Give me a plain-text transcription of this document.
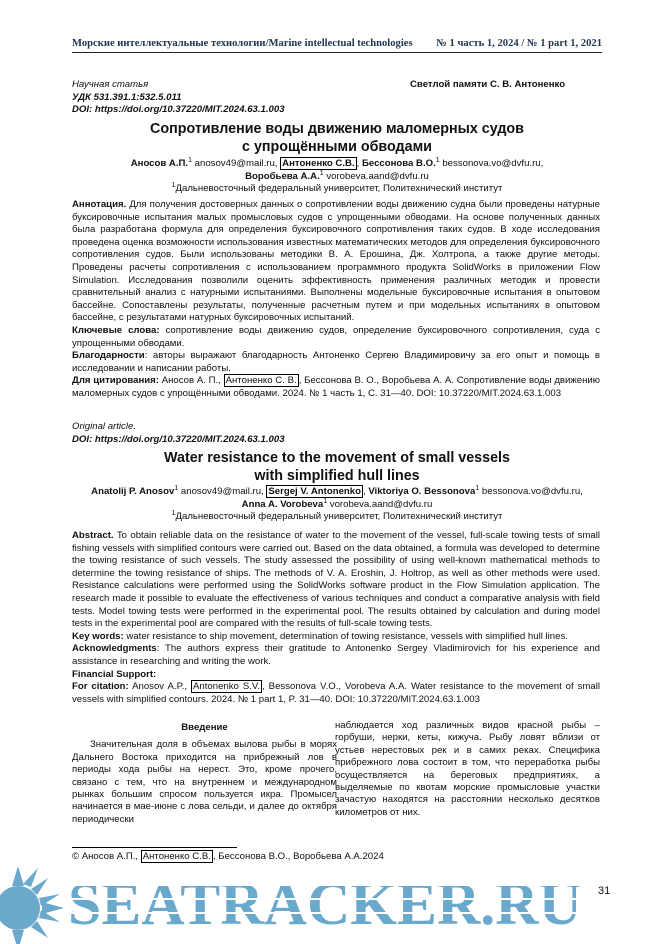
Морские интеллектуальные технологии/Marine intellectual technologies № 1 часть 1, 2024 / № 1 part 1, 2021
Научная статья
УДК 531.391.1:532.5.011
DOI: https://doi.org/10.37220/MIT.2024.63.1.003
Светлой памяти С. В. Антоненко
Сопротивление воды движению маломерных судов
с упрощёнными обводами
Аносов А.П.$^1$ anosov49@mail.ru, Антоненко С.В. , Бессонова В.О.$^1$ bessonova.vo@dvfu.ru,
Воробьева А.А.$^1$ vorobeva.aand@dvfu.ru
$^1$Дальневосточный федеральный университет, Политехнический институт
Аннотация. Для получения достоверных данных о сопротивлении воды движению судна были проведены натурные буксировочные испытания малых промысловых судов с упрощенными обводами. На основе полученных данных была разработана формула для определения буксировочного сопротивления таких судов. В ходе исследования проведена оценка возможности использования известных математических методов для определения буксировочного сопротивления судов. Были использованы методики В. А. Ерошина, Дж. Холтропа, а также другие методы. Проведены расчеты сопротивления с использованием программного продукта SolidWorks в приложении Flow Simulation. Исследования позволили оценить эффективность применения различных методик и провести сравнительный анализ с натурными испытаниями. Выполнены модельные буксировочные испытания в опытовом бассейне. Сопоставлены результаты, полученные расчетным путем и при модельных испытаниях в опытовом бассейне, с результатами натурных буксировочных испытаний.
Ключевые слова: сопротивление воды движению судов, определение буксировочного сопротивления, суда с упрощенными обводами.
Благодарности: авторы выражают благодарность Антоненко Сергею Владимировичу за его опыт и помощь в исследовании и написании работы.
Для цитирования: Аносов А. П., Антоненко С. В. , Бессонова В. О., Воробьева А. А. Сопротивление воды движению маломерных судов с упрощёнными обводами. 2024. № 1 часть 1, С. 31—40. DOI: 10.37220/MIT.2024.63.1.003
Original article.
DOI: https://doi.org/10.37220/MIT.2024.63.1.003
Water resistance to the movement of small vessels
with simplified hull lines
Anatolij P. Anosov$^1$ anosov49@mail.ru, Sergej V. Antonenko , Viktoriya O. Bessonova$^1$ bessonova.vo@dvfu.ru,
Anna A. Vorobeva$^1$ vorobeva.aand@dvfu.ru
$^1$Дальневосточный федеральный университет, Политехнический институт
Abstract. To obtain reliable data on the resistance of water to the movement of the vessel, full-scale towing tests of small fishing vessels with simplified contours were carried out. Based on the data obtained, a formula was developed to determine the towing resistance of such vessels. The study assessed the possibility of using well-known mathematical methods to determine the towing resistance of ships. The methods of V. A. Eroshin, J. Holtrop, as well as other methods were used. Resistance calculations were performed using the SolidWorks software product in the Flow Simulation application. The research made it possible to evaluate the effectiveness of various techniques and conduct a comparative analysis with field tests. Model towing tests were performed in the experimental pool. The results obtained by calculation and during model tests in the experimental pool are compared with the results of full-scale towing tests.
Key words: water resistance to ship movement, determination of towing resistance, vessels with simplified hull lines.
Acknowledgments: The authors express their gratitude to Antonenko Sergey Vladimirovich for his experience and assistance in researching and writing the work.
Financial Support:
For citation: Anosov A.P., Antonenko S.V. , Bessonova V.O., Vorobeva A.A. Water resistance to the movement of small vessels with simplified contours. 2024. № 1 part 1, P. 31—40. DOI: 10.37220/MIT.2024.63.1.003
Введение
Значительная доля в объемах вылова рыбы в морях Дальнего Востока приходится на прибрежный лов в периоды хода рыбы на нерест. Это, кроме прочего, связано с тем, что на внутреннем и международном рынках большим спросом пользуется икра. Промысел начинается в мае-июне с лова сельди, и далее до октября периодически
наблюдается ход различных видов красной рыбы – горбуши, нерки, кеты, кижуча. Рыбу ловят вблизи от устьев нерестовых рек и в самих реках. Специфика прибрежного лова состоит в том, что переработка рыбы осуществляется на береговых предприятиях, а выделяемые по квотам морские промысловые участки зачастую находятся на расстоянии несколько десятков километров от них.
© Аносов А.П., Антоненко С.В. , Бессонова В.О., Воробьева А.А.2024
SEATRACKER.RU 31
